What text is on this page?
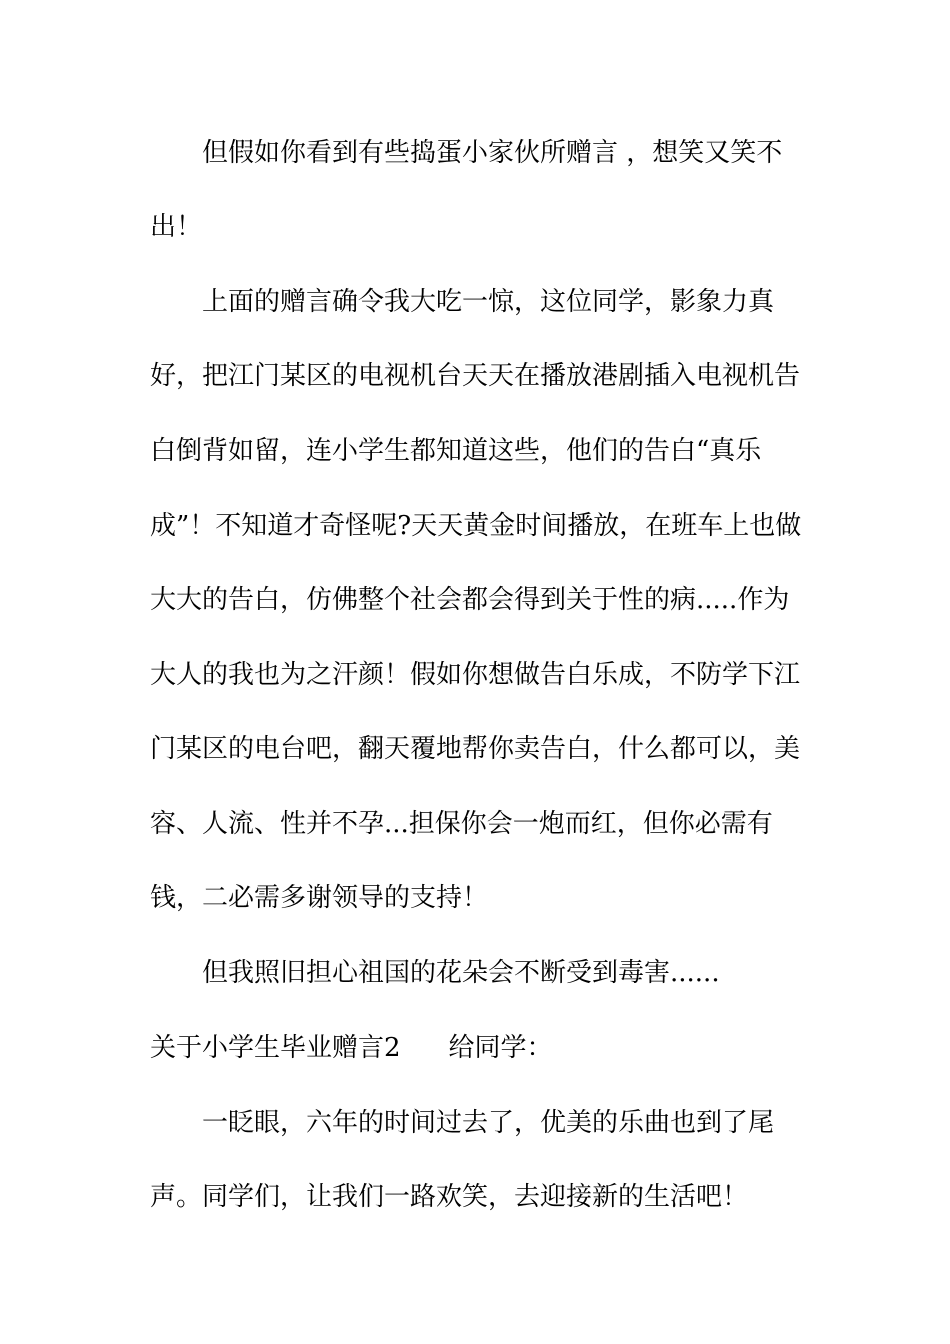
但假如你看到有些捣蛋小家伙所赠言 ，想笑又笑不
出！
上面的赠言确令我大吃一惊，这位同学，影象力真
好，把江门某区的电视机台天天在播放港剧插入电视机告
白倒背如留，连小学生都知道这些，他们的告白“真乐
成”！不知道才奇怪呢?天天黄金时间播放，在班车上也做
大大的告白，仿佛整个社会都会得到关于性的病.....作为
大人的我也为之汗颜！假如你想做告白乐成，不防学下江
门某区的电台吧，翻天覆地帮你卖告白，什么都可以，美
容、人流、性并不孕...担保你会一炮而红，但你必需有
钱，二必需多谢领导的支持！
但我照旧担心祖国的花朵会不断受到毒害......
关于小学生毕业赠言2 给同学：
一眨眼，六年的时间过去了，优美的乐曲也到了尾
声。同学们，让我们一路欢笑，去迎接新的生活吧！
